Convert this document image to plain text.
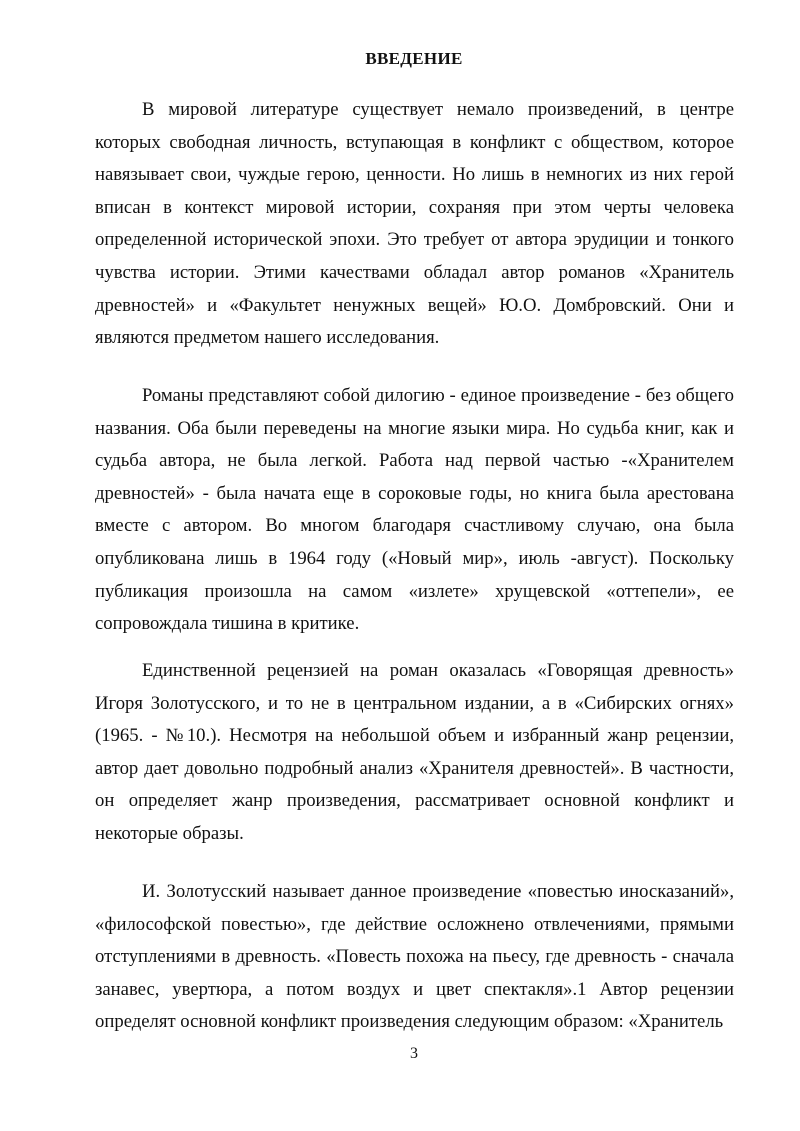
ВВЕДЕНИЕ

В мировой литературе существует немало произведений, в центре которых свободная личность, вступающая в конфликт с обществом, которое навязывает свои, чуждые герою, ценности. Но лишь в немногих из них герой вписан в контекст мировой истории, сохраняя при этом черты человека определенной исторической эпохи. Это требует от автора эрудиции и тонкого чувства истории. Этими качествами обладал автор романов «Хранитель древностей» и «Факультет ненужных вещей» Ю.О. Домбровский. Они и являются предметом нашего исследования.

Романы представляют собой дилогию - единое произведение - без общего названия. Оба были переведены на многие языки мира. Но судьба книг, как и судьба автора, не была легкой. Работа над первой частью -«Хранителем древностей» - была начата еще в сороковые годы, но книга была арестована вместе с автором. Во многом благодаря счастливому случаю, она была опубликована лишь в 1964 году («Новый мир», июль -август). Поскольку публикация произошла на самом «излете» хрущевской «оттепели», ее сопровождала тишина в критике.

Единственной рецензией на роман оказалась «Говорящая древность» Игоря Золотусского, и то не в центральном издании, а в «Сибирских огнях» (1965. - №10.). Несмотря на небольшой объем и избранный жанр рецензии, автор дает довольно подробный анализ «Хранителя древностей». В частности, он определяет жанр произведения, рассматривает основной конфликт и некоторые образы.

И. Золотусский называет данное произведение «повестью иносказаний», «философской повестью», где действие осложнено отвлечениями, прямыми отступлениями в древность. «Повесть похожа на пьесу, где древность - сначала занавес, увертюра, а потом воздух и цвет спектакля».1 Автор рецензии определят основной конфликт произведения следующим образом: «Хранитель

3
